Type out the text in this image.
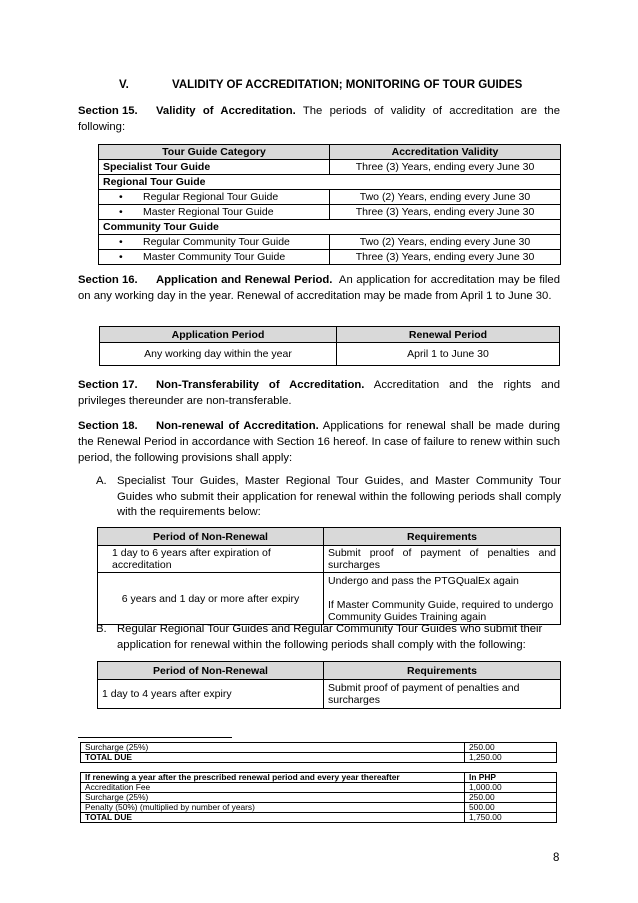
V.	VALIDITY OF ACCREDITATION; MONITORING OF TOUR GUIDES
Section 15. Validity of Accreditation. The periods of validity of accreditation are the following:
Tour Guide Category	Accreditation Validity
Specialist Tour Guide	Three (3) Years, ending every June 30
Regional Tour Guide	
• Regular Regional Tour Guide	Two (2) Years, ending every June 30
• Master Regional Tour Guide	Three (3) Years, ending every June 30
Community Tour Guide	
• Regular Community Tour Guide	Two (2) Years, ending every June 30
• Master Community Tour Guide	Three (3) Years, ending every June 30
Section 16. Application and Renewal Period. An application for accreditation may be filed on any working day in the year. Renewal of accreditation may be made from April 1 to June 30.
Application Period	Renewal Period
Any working day within the year	April 1 to June 30
Section 17. Non-Transferability of Accreditation. Accreditation and the rights and privileges thereunder are non-transferable.
Section 18. Non-renewal of Accreditation. Applications for renewal shall be made during the Renewal Period in accordance with Section 16 hereof. In case of failure to renew within such period, the following provisions shall apply:
A. Specialist Tour Guides, Master Regional Tour Guides, and Master Community Tour Guides who submit their application for renewal within the following periods shall comply with the requirements below:
Period of Non-Renewal	Requirements
1 day to 6 years after expiration of accreditation	Submit proof of payment of penalties and surcharges
6 years and 1 day or more after expiry	Undergo and pass the PTGQualEx again
If Master Community Guide, required to undergo Community Guides Training again
B. Regular Regional Tour Guides and Regular Community Tour Guides who submit their application for renewal within the following periods shall comply with the following:
Period of Non-Renewal	Requirements
1 day to 4 years after expiry	Submit proof of payment of penalties and surcharges
Surcharge (25%)	250.00
TOTAL DUE	1,250.00
If renewing a year after the prescribed renewal period and every year thereafter	In PHP
Accreditation Fee	1,000.00
Surcharge (25%)	250.00
Penalty (50%) (multiplied by number of years)	500.00
TOTAL DUE	1,750.00
8
